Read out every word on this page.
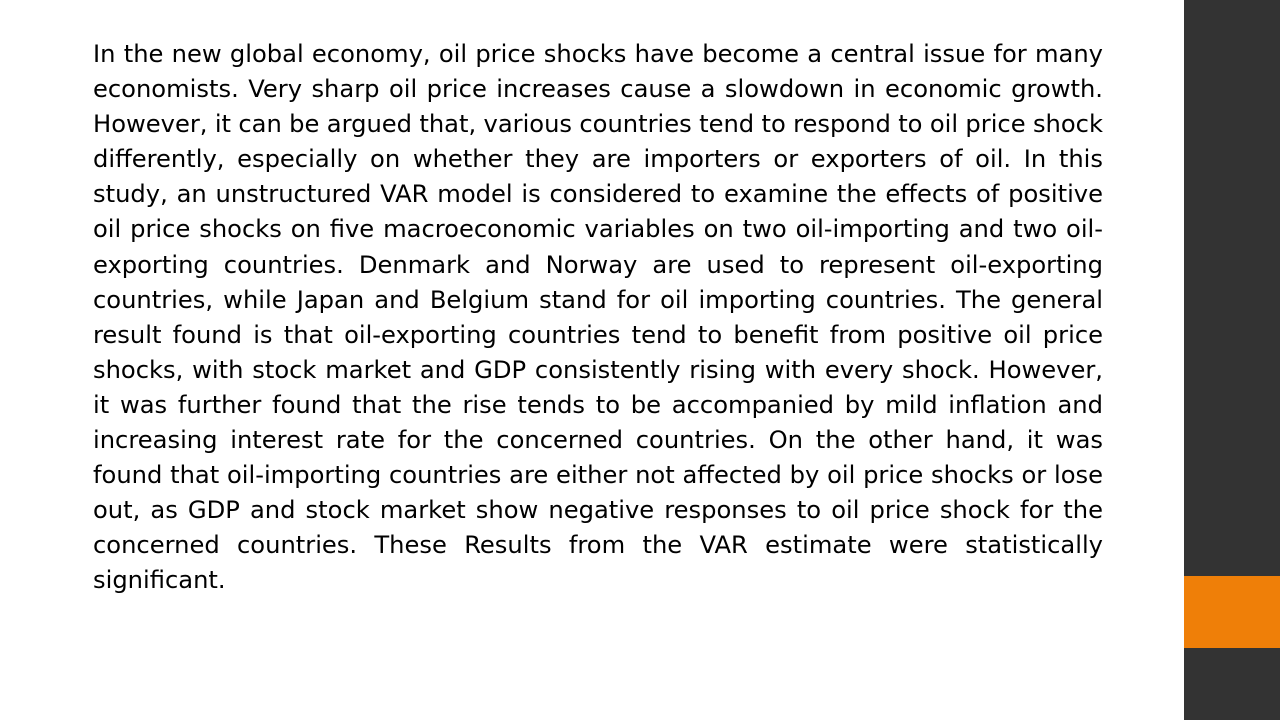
In the new global economy, oil price shocks have become a central issue for many economists. Very sharp oil price increases cause a slowdown in economic growth. However, it can be argued that, various countries tend to respond to oil price shock differently, especially on whether they are importers or exporters of oil. In this study, an unstructured VAR model is considered to examine the effects of positive oil price shocks on five macroeconomic variables on two oil-importing and two oil-exporting countries. Denmark and Norway are used to represent oil-exporting countries, while Japan and Belgium stand for oil importing countries. The general result found is that oil-exporting countries tend to benefit from positive oil price shocks, with stock market and GDP consistently rising with every shock. However, it was further found that the rise tends to be accompanied by mild inflation and increasing interest rate for the concerned countries. On the other hand, it was found that oil-importing countries are either not affected by oil price shocks or lose out, as GDP and stock market show negative responses to oil price shock for the concerned countries. These Results from the VAR estimate were statistically significant.
